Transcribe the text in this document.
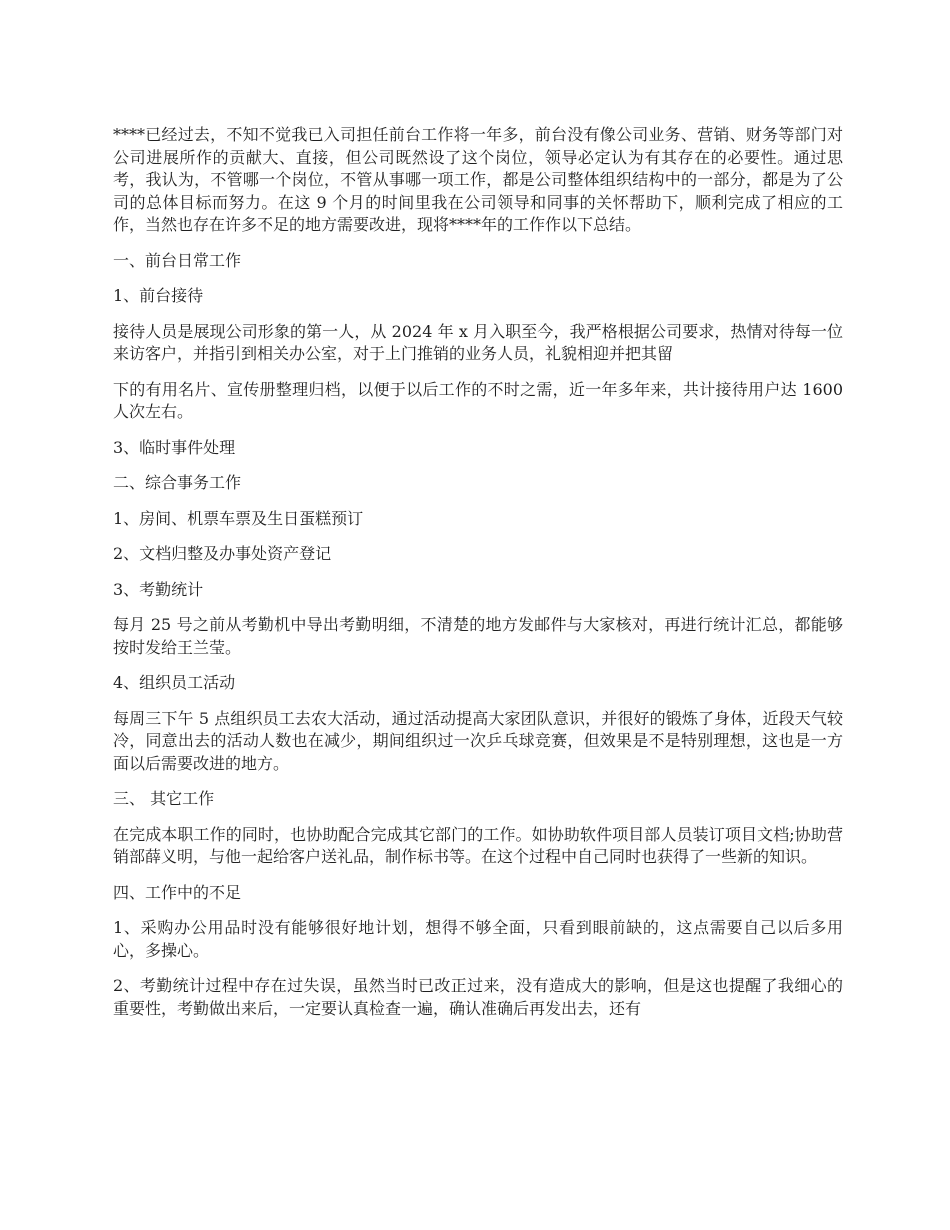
****已经过去，不知不觉我已入司担任前台工作将一年多，前台没有像公司业务、营销、财务等部门对公司进展所作的贡献大、直接，但公司既然设了这个岗位，领导必定认为有其存在的必要性。通过思考，我认为，不管哪一个岗位，不管从事哪一项工作，都是公司整体组织结构中的一部分，都是为了公司的总体目标而努力。在这 9 个月的时间里我在公司领导和同事的关怀帮助下，顺利完成了相应的工作，当然也存在许多不足的地方需要改进，现将****年的工作作以下总结。

一、前台日常工作

1、前台接待

接待人员是展现公司形象的第一人，从 2024 年 x 月入职至今，我严格根据公司要求，热情对待每一位来访客户，并指引到相关办公室，对于上门推销的业务人员，礼貌相迎并把其留

下的有用名片、宣传册整理归档，以便于以后工作的不时之需，近一年多年来，共计接待用户达 1600 人次左右。

3、临时事件处理

二、综合事务工作

1、房间、机票车票及生日蛋糕预订

2、文档归整及办事处资产登记

3、考勤统计

每月 25 号之前从考勤机中导出考勤明细，不清楚的地方发邮件与大家核对，再进行统计汇总，都能够按时发给王兰莹。

4、组织员工活动

每周三下午 5 点组织员工去农大活动，通过活动提高大家团队意识，并很好的锻炼了身体，近段天气较冷，同意出去的活动人数也在减少，期间组织过一次乒乓球竞赛，但效果是不是特别理想，这也是一方面以后需要改进的地方。

三、 其它工作

在完成本职工作的同时，也协助配合完成其它部门的工作。如协助软件项目部人员装订项目文档;协助营销部薛义明，与他一起给客户送礼品，制作标书等。在这个过程中自己同时也获得了一些新的知识。

四、工作中的不足

1、采购办公用品时没有能够很好地计划，想得不够全面，只看到眼前缺的，这点需要自己以后多用心，多操心。

2、考勤统计过程中存在过失误，虽然当时已改正过来，没有造成大的影响，但是这也提醒了我细心的重要性，考勤做出来后，一定要认真检查一遍，确认准确后再发出去，还有
